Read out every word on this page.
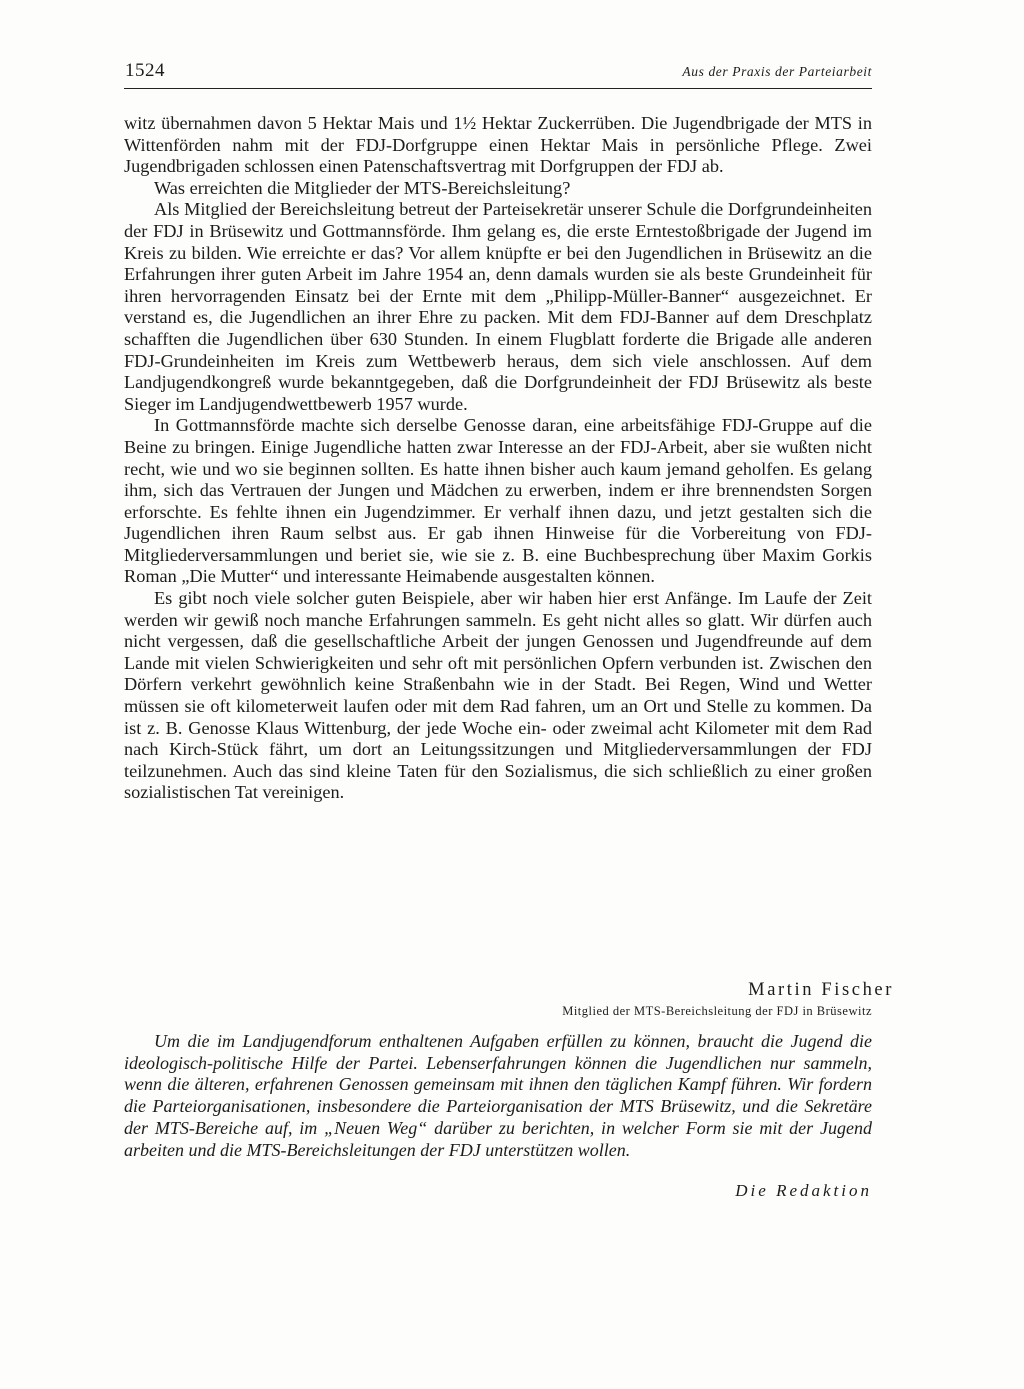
1524	Aus der Praxis der Parteiarbeit

witz übernahmen davon 5 Hektar Mais und 1½ Hektar Zuckerrüben. Die Jugendbrigade der MTS in Wittenförden nahm mit der FDJ-Dorfgruppe einen Hektar Mais in persönliche Pflege. Zwei Jugendbrigaden schlossen einen Patenschaftsvertrag mit Dorfgruppen der FDJ ab.

Was erreichten die Mitglieder der MTS-Bereichsleitung?

Als Mitglied der Bereichsleitung betreut der Parteisekretär unserer Schule die Dorfgrundeinheiten der FDJ in Brüsewitz und Gottmannsförde. Ihm gelang es, die erste Erntestoßbrigade der Jugend im Kreis zu bilden. Wie erreichte er das? Vor allem knüpfte er bei den Jugendlichen in Brüsewitz an die Erfahrungen ihrer guten Arbeit im Jahre 1954 an, denn damals wurden sie als beste Grundeinheit für ihren hervorragenden Einsatz bei der Ernte mit dem „Philipp-Müller-Banner“ ausgezeichnet. Er verstand es, die Jugendlichen an ihrer Ehre zu packen. Mit dem FDJ-Banner auf dem Dreschplatz schafften die Jugendlichen über 630 Stunden. In einem Flugblatt forderte die Brigade alle anderen FDJ-Grundeinheiten im Kreis zum Wettbewerb heraus, dem sich viele anschlossen. Auf dem Landjugendkongreß wurde bekanntgegeben, daß die Dorfgrundeinheit der FDJ Brüsewitz als beste Sieger im Landjugendwettbewerb 1957 wurde.

In Gottmannsförde machte sich derselbe Genosse daran, eine arbeitsfähige FDJ-Gruppe auf die Beine zu bringen. Einige Jugendliche hatten zwar Interesse an der FDJ-Arbeit, aber sie wußten nicht recht, wie und wo sie beginnen sollten. Es hatte ihnen bisher auch kaum jemand geholfen. Es gelang ihm, sich das Vertrauen der Jungen und Mädchen zu erwerben, indem er ihre brennendsten Sorgen erforschte. Es fehlte ihnen ein Jugendzimmer. Er verhalf ihnen dazu, und jetzt gestalten sich die Jugendlichen ihren Raum selbst aus. Er gab ihnen Hinweise für die Vorbereitung von FDJ-Mitgliederversammlungen und beriet sie, wie sie z. B. eine Buchbesprechung über Maxim Gorkis Roman „Die Mutter“ und interessante Heimabende ausgestalten können.

Es gibt noch viele solcher guten Beispiele, aber wir haben hier erst Anfänge. Im Laufe der Zeit werden wir gewiß noch manche Erfahrungen sammeln. Es geht nicht alles so glatt. Wir dürfen auch nicht vergessen, daß die gesellschaftliche Arbeit der jungen Genossen und Jugendfreunde auf dem Lande mit vielen Schwierigkeiten und sehr oft mit persönlichen Opfern verbunden ist. Zwischen den Dörfern verkehrt gewöhnlich keine Straßenbahn wie in der Stadt. Bei Regen, Wind und Wetter müssen sie oft kilometerweit laufen oder mit dem Rad fahren, um an Ort und Stelle zu kommen. Da ist z. B. Genosse Klaus Wittenburg, der jede Woche ein- oder zweimal acht Kilometer mit dem Rad nach Kirch-Stück fährt, um dort an Leitungssitzungen und Mitgliederversammlungen der FDJ teilzunehmen. Auch das sind kleine Taten für den Sozialismus, die sich schließlich zu einer großen sozialistischen Tat vereinigen.

Martin Fischer
Mitglied der MTS-Bereichsleitung der FDJ in Brüsewitz

Um die im Landjugendforum enthaltenen Aufgaben erfüllen zu können, braucht die Jugend die ideologisch-politische Hilfe der Partei. Lebenserfahrungen können die Jugendlichen nur sammeln, wenn die älteren, erfahrenen Genossen gemeinsam mit ihnen den täglichen Kampf führen. Wir fordern die Parteiorganisationen, insbesondere die Parteiorganisation der MTS Brüsewitz, und die Sekretäre der MTS-Bereiche auf, im „Neuen Weg“ darüber zu berichten, in welcher Form sie mit der Jugend arbeiten und die MTS-Bereichsleitungen der FDJ unterstützen wollen.

Die Redaktion
